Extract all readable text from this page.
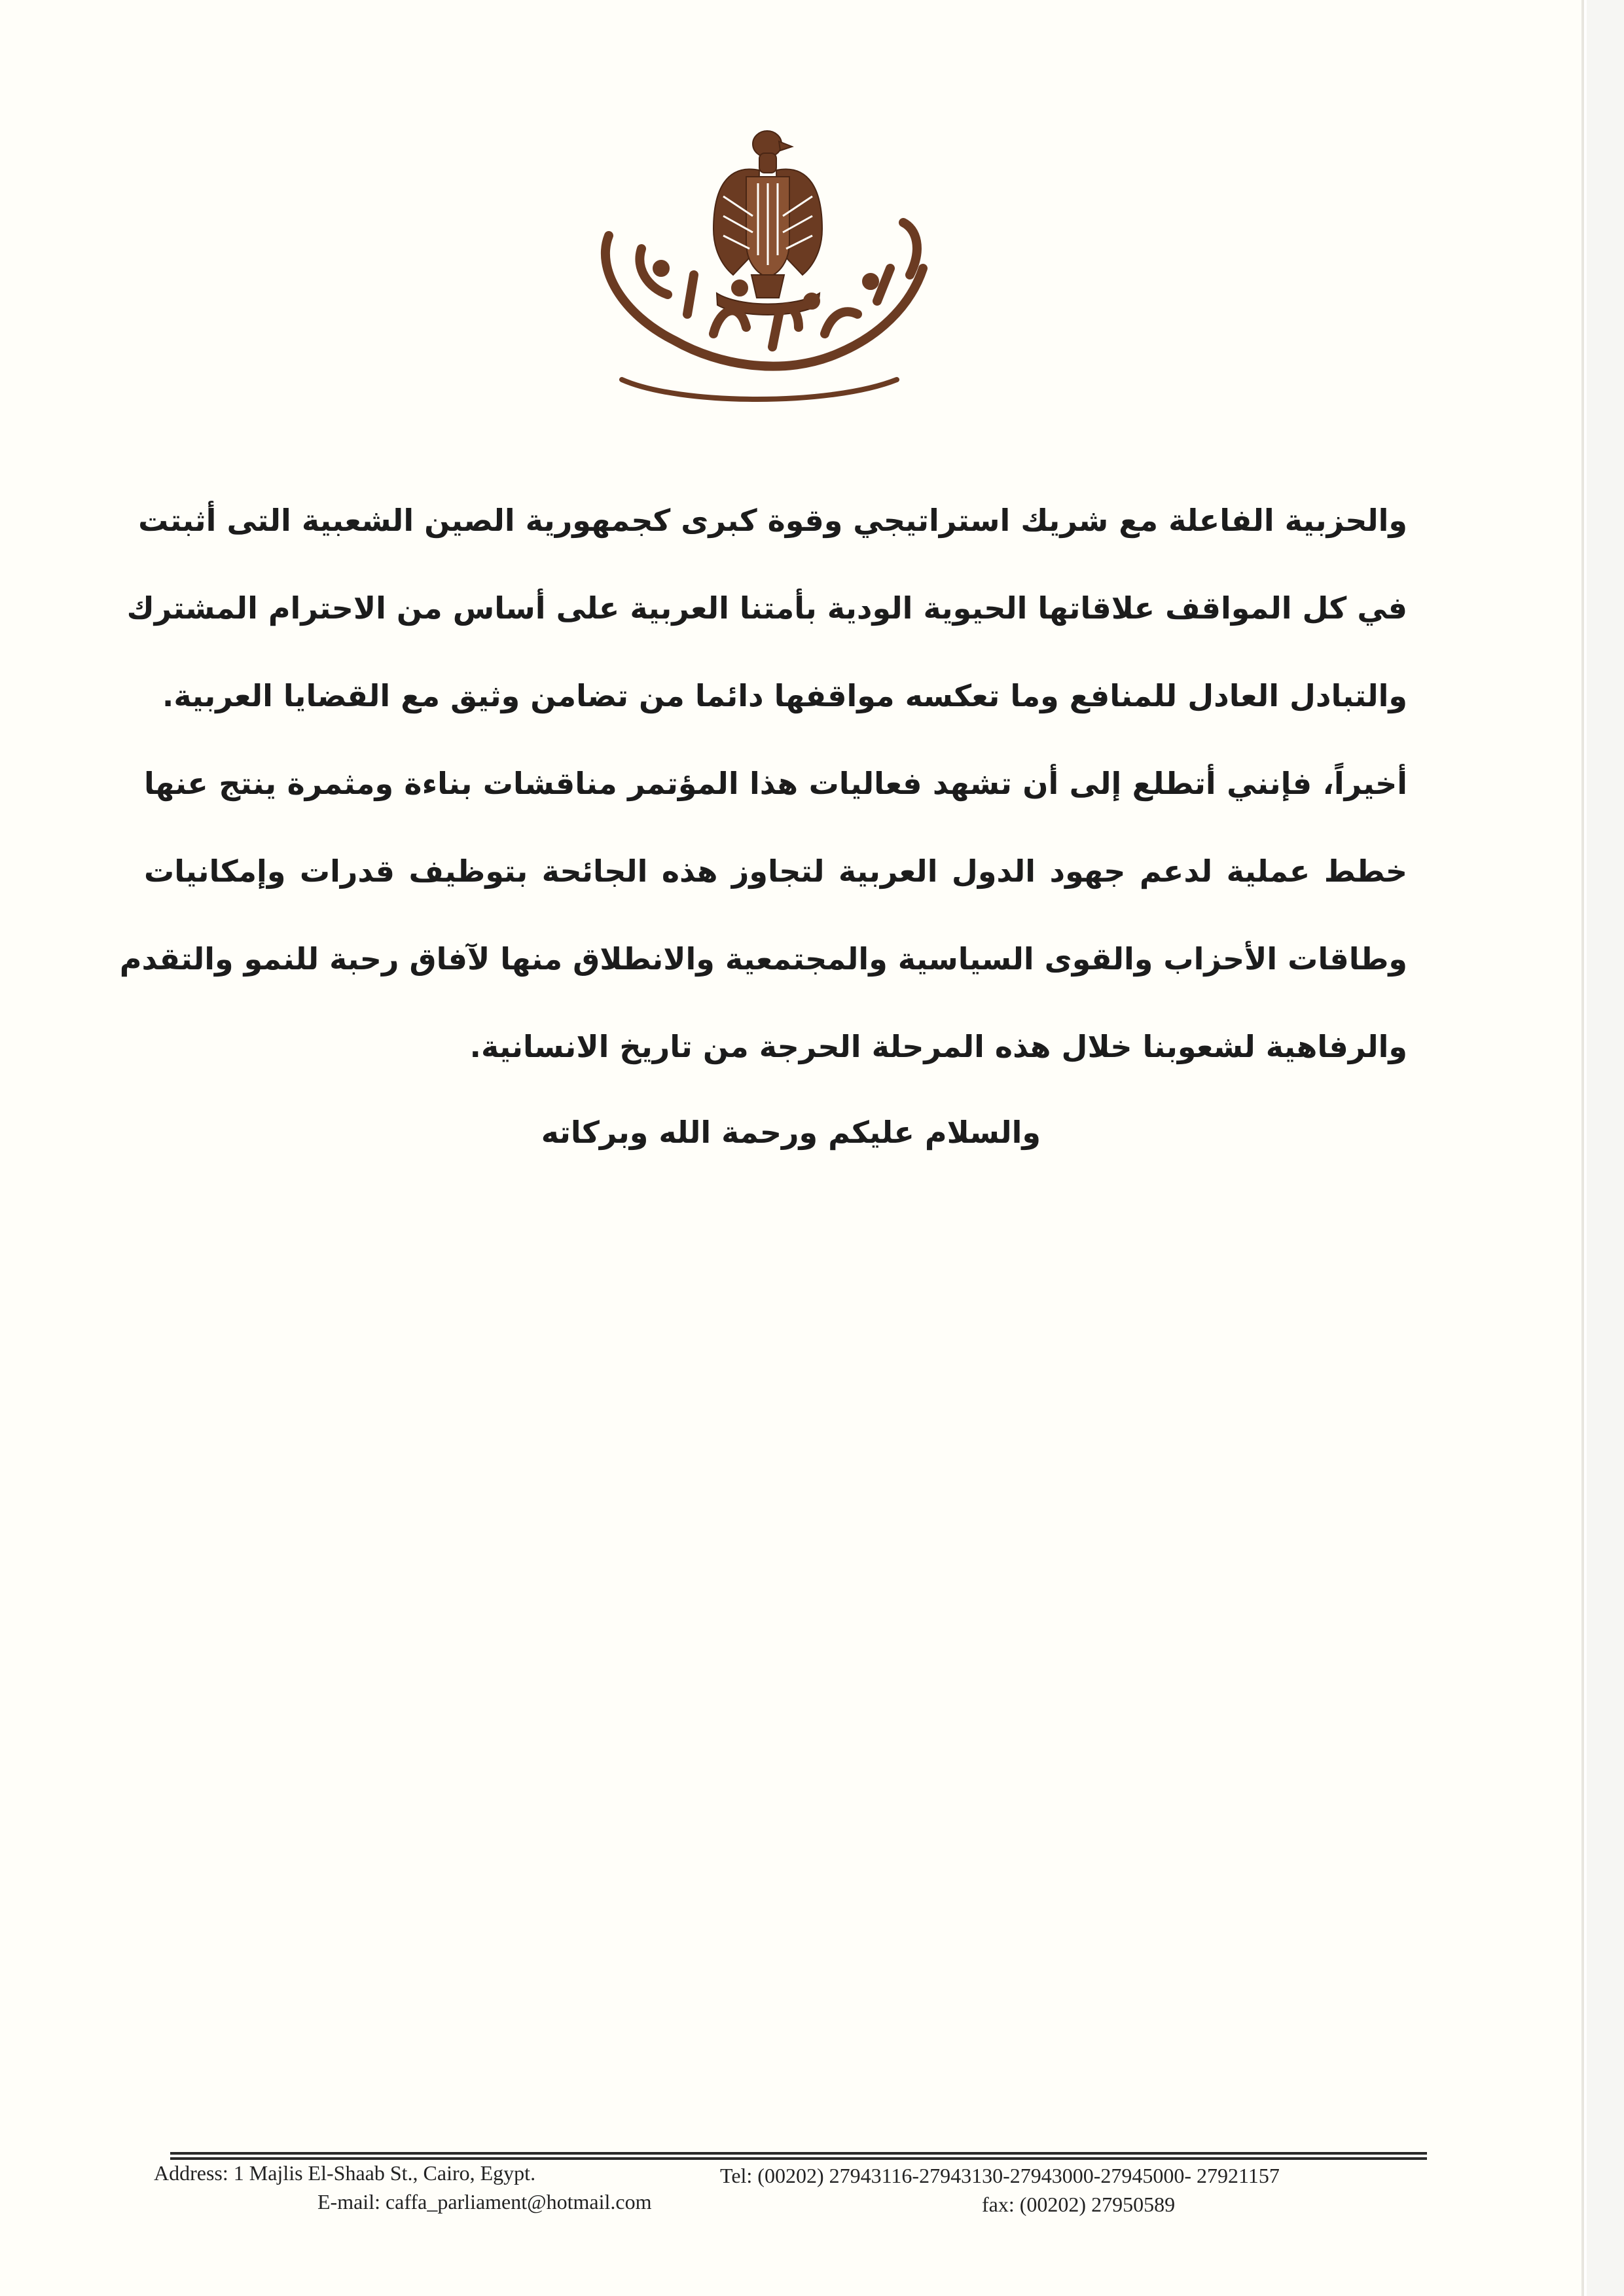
والحزبية الفاعلة مع شريك استراتيجي وقوة كبرى كجمهورية الصين الشعبية التى أثبتت
في كل المواقف علاقاتها الحيوية الودية بأمتنا العربية على أساس من الاحترام المشترك
والتبادل العادل للمنافع وما تعكسه مواقفها دائما من تضامن وثيق مع القضايا العربية.
أخيراً، فإنني أتطلع إلى أن تشهد فعاليات هذا المؤتمر مناقشات بناءة ومثمرة ينتج عنها
خطط عملية لدعم جهود الدول العربية لتجاوز هذه الجائحة بتوظيف قدرات وإمكانيات
وطاقات الأحزاب والقوى السياسية والمجتمعية والانطلاق منها لآفاق رحبة للنمو والتقدم
والرفاهية لشعوبنا خلال هذه المرحلة الحرجة من تاريخ الانسانية.
والسلام عليكم ورحمة الله وبركاته
Address: 1 Majlis El-Shaab St., Cairo, Egypt.
E-mail: caffa_parliament@hotmail.com
Tel: (00202) 27943116-27943130-27943000-27945000- 27921157
fax: (00202) 27950589
